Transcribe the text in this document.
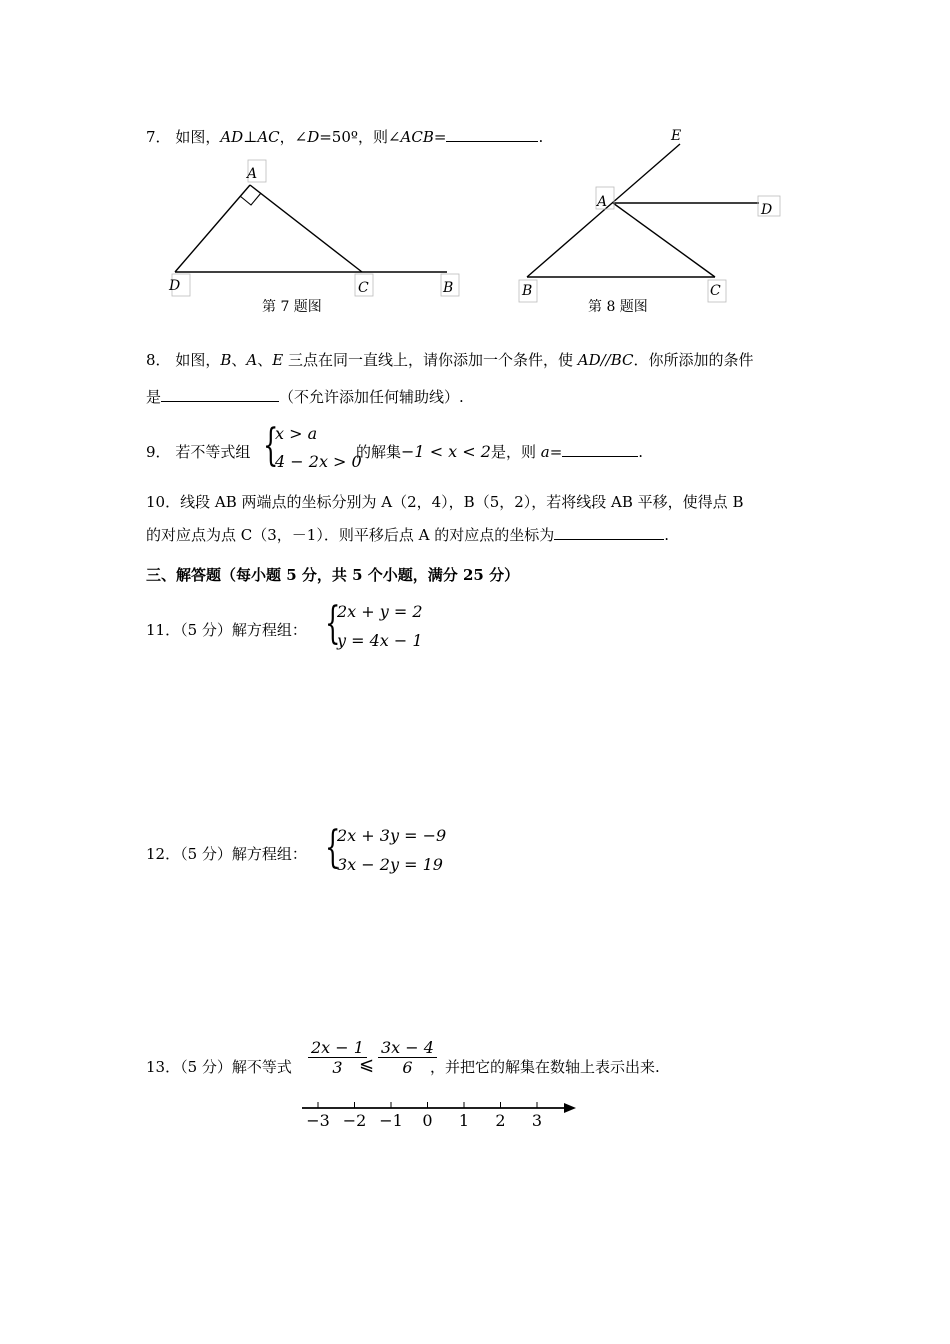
7． 如图，AD⊥AC，∠D=50º，则∠ACB=	.
A
D	C	B
第 7 题图
E
A	D
B	C
第 8 题图
8． 如图，B、A、E 三点在同一直线上，请你添加一个条件，使 AD//BC．你所添加的条件
是	（不允许添加任何辅助线）.
9． 若不等式组 {
x > a
4 − 2x > 0
的解集−1 < x < 2是，则 a=	.
10．线段 AB 两端点的坐标分别为 A（2，4），B（5，2），若将线段 AB 平移，使得点 B
的对应点为点 C（3，－1）．则平移后点 A 的对应点的坐标为	.
三、解答题（每小题 5 分，共 5 个小题，满分 25 分）
11．（5 分）解方程组： {
2x + y = 2
y = 4x − 1
12．（5 分）解方程组： {
2x + 3y = −9
3x − 2y = 19
13．（5 分）解不等式 $\frac{2x - 1}{3}$
⩽ $\frac{3x - 4}{6}$
，并把它的解集在数轴上表示出来.
−3 −2 −1 0 1 2 3
